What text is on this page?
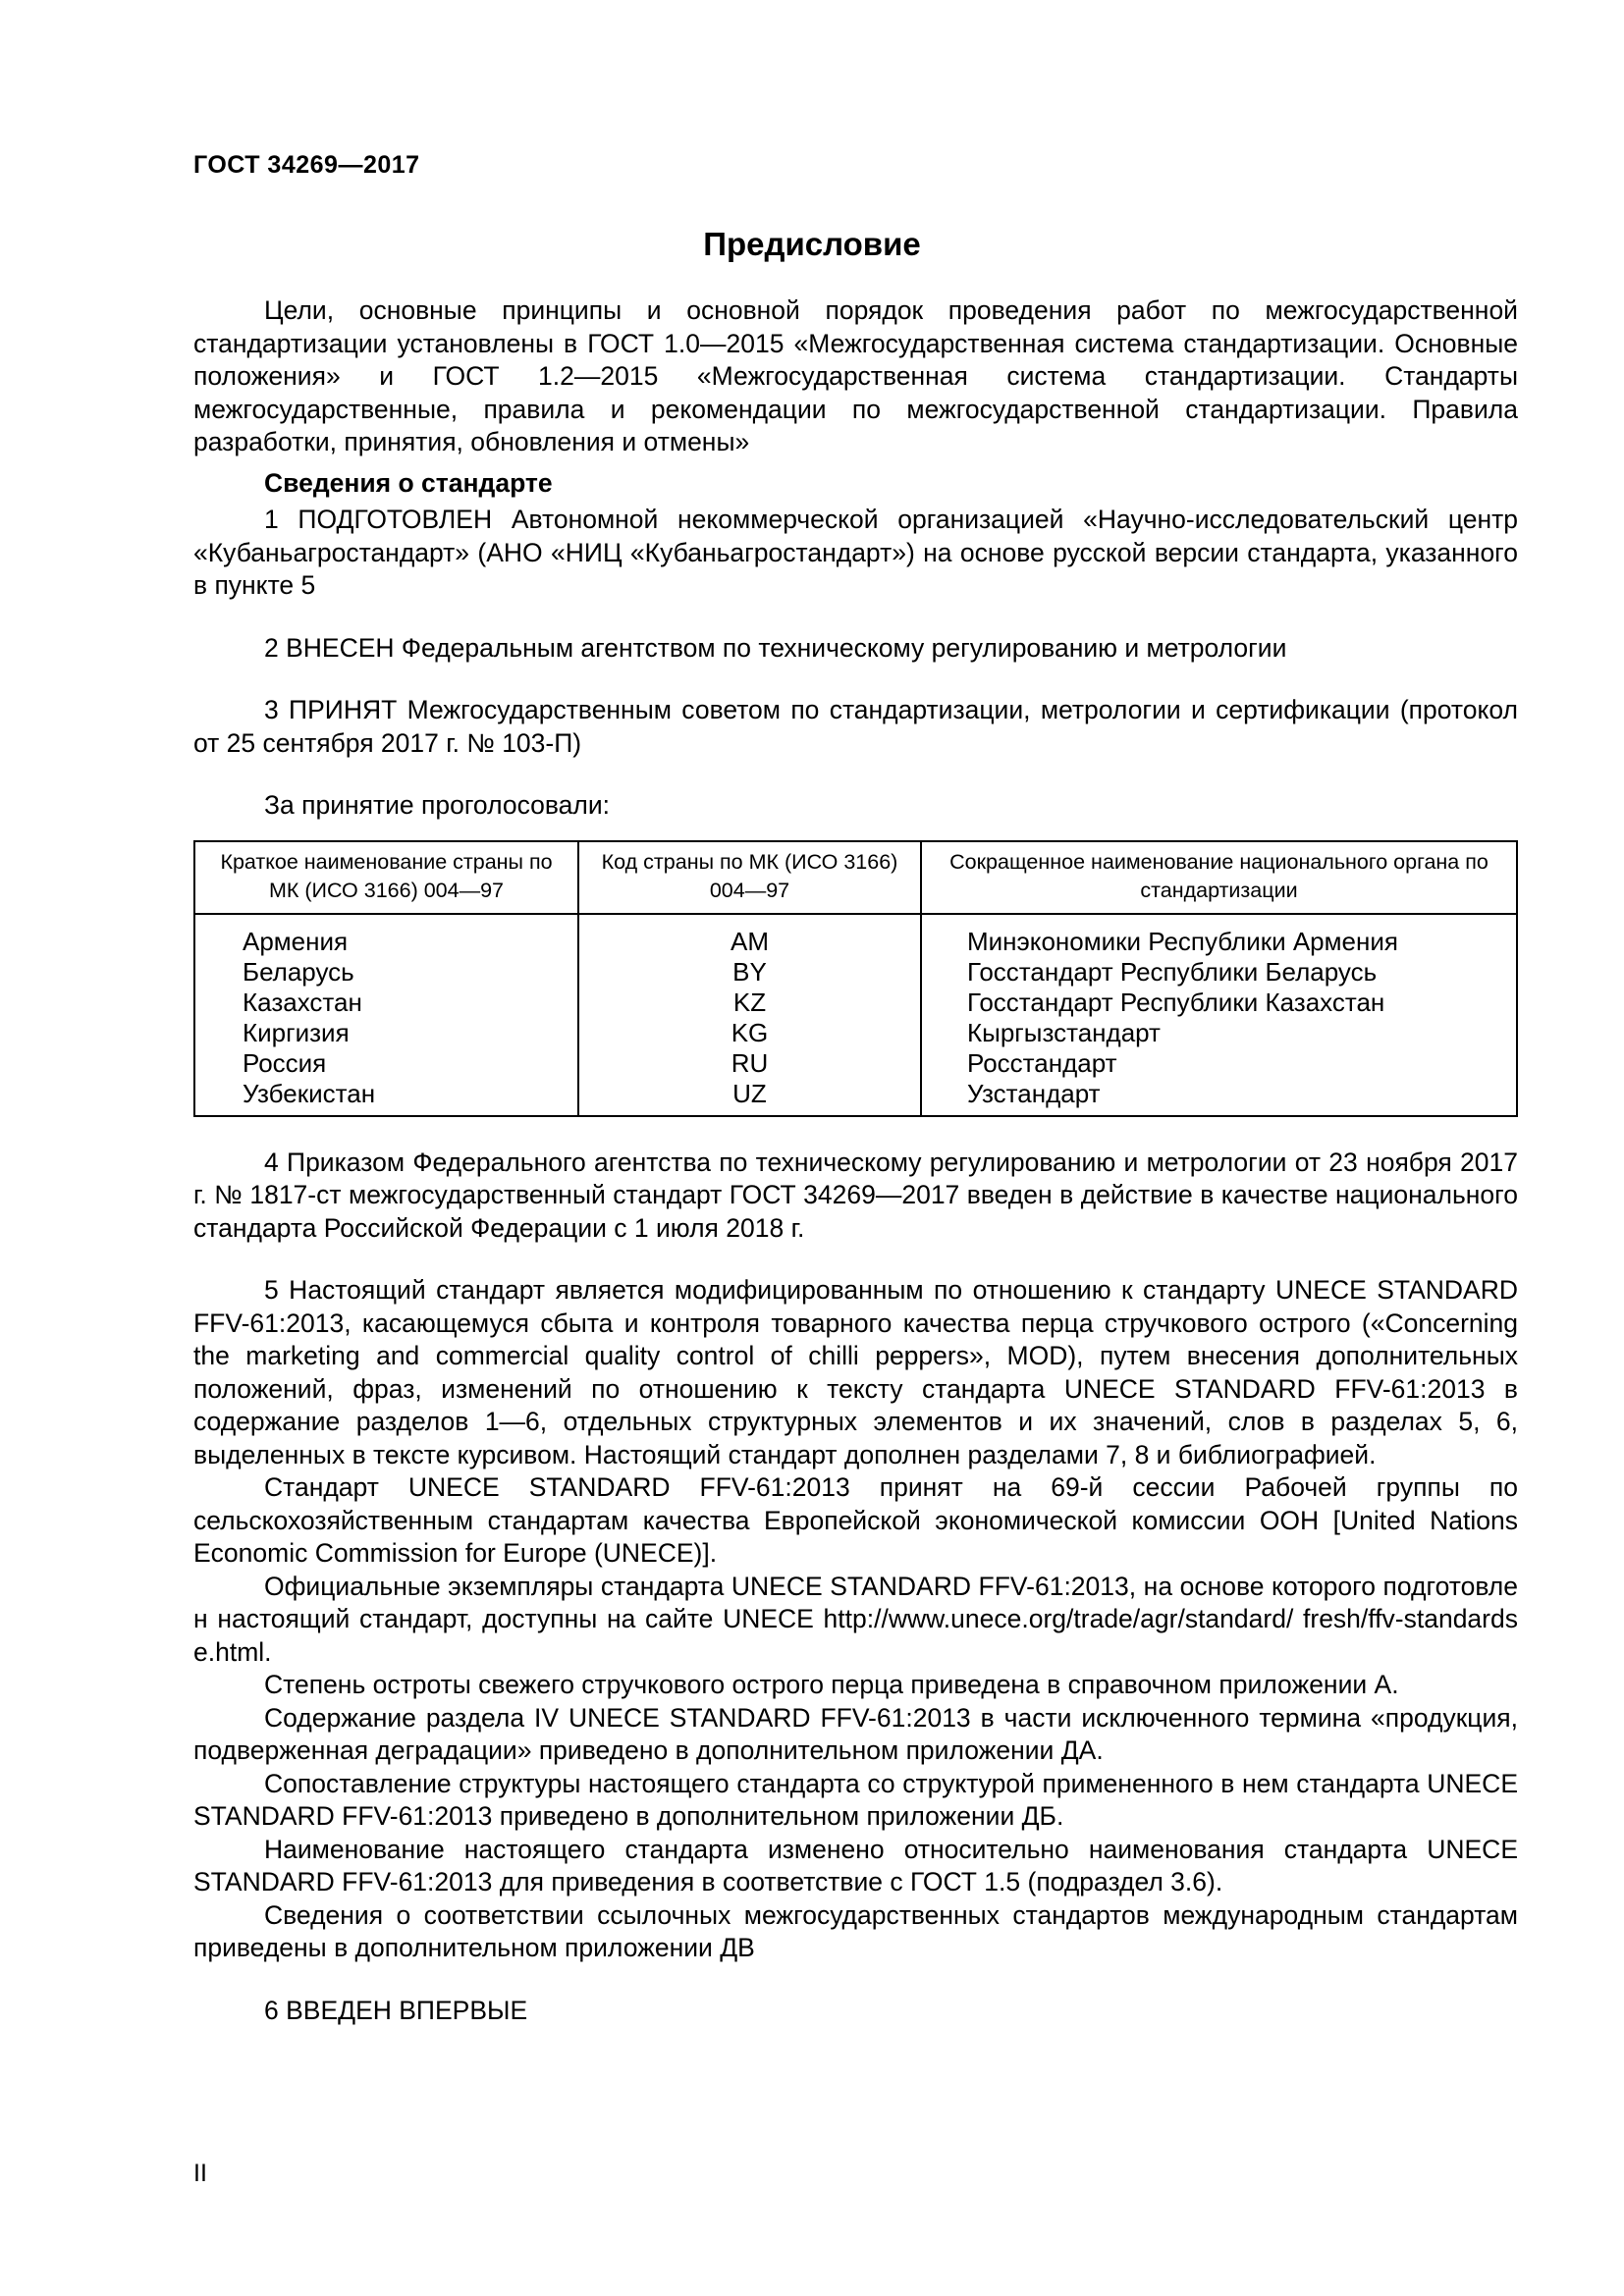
ГОСТ 34269—2017
Предисловие

Цели, основные принципы и основной порядок проведения работ по межгосударственной стандартизации установлены в ГОСТ 1.0—2015 «Межгосударственная система стандартизации. Основные положения» и ГОСТ 1.2—2015 «Межгосударственная система стандартизации. Стандарты межгосударственные, правила и рекомендации по межгосударственной стандартизации. Правила разработки, принятия, обновления и отмены»

Сведения о стандарте

1 ПОДГОТОВЛЕН Автономной некоммерческой организацией «Научно-исследовательский центр «Кубаньагростандарт» (АНО «НИЦ «Кубаньагростандарт») на основе русской версии стандарта, указанного в пункте 5

2 ВНЕСЕН Федеральным агентством по техническому регулированию и метрологии

3 ПРИНЯТ Межгосударственным советом по стандартизации, метрологии и сертификации (протокол от 25 сентября 2017 г. № 103-П)

За принятие проголосовали:

Краткое наименование страны по МК (ИСО 3166) 004—97	Код страны по МК (ИСО 3166) 004—97	Сокращенное наименование национального органа по стандартизации
Армения	AM	Минэкономики Республики Армения
Беларусь	BY	Госстандарт Республики Беларусь
Казахстан	KZ	Госстандарт Республики Казахстан
Киргизия	KG	Кыргызстандарт
Россия	RU	Росстандарт
Узбекистан	UZ	Узстандарт

4 Приказом Федерального агентства по техническому регулированию и метрологии от 23 ноября 2017 г. № 1817-ст межгосударственный стандарт ГОСТ 34269—2017 введен в действие в качестве национального стандарта Российской Федерации с 1 июля 2018 г.

5 Настоящий стандарт является модифицированным по отношению к стандарту UNECE STANDARD FFV-61:2013, касающемуся сбыта и контроля товарного качества перца стручкового острого («Concerning the marketing and commercial quality control of chilli peppers», MOD), путем внесения дополнительных положений, фраз, изменений по отношению к тексту стандарта UNECE STANDARD FFV-61:2013 в содержание разделов 1—6, отдельных структурных элементов и их значений, слов в разделах 5, 6, выделенных в тексте курсивом. Настоящий стандарт дополнен разделами 7, 8 и библиографией.

Стандарт UNECE STANDARD FFV-61:2013 принят на 69-й сессии Рабочей группы по сельскохозяйственным стандартам качества Европейской экономической комиссии ООН [United Nations Economic Commission for Europe (UNECE)].

Официальные экземпляры стандарта UNECE STANDARD FFV-61:2013, на основе которого подготовлен настоящий стандарт, доступны на сайте UNECE http://www.unece.org/trade/agr/standard/ fresh/ffv-standardse.html.

Степень остроты свежего стручкового острого перца приведена в справочном приложении А.

Содержание раздела IV UNECE STANDARD FFV-61:2013 в части исключенного термина «продукция, подверженная деградации» приведено в дополнительном приложении ДА.

Сопоставление структуры настоящего стандарта со структурой примененного в нем стандарта UNECE STANDARD FFV-61:2013 приведено в дополнительном приложении ДБ.

Наименование настоящего стандарта изменено относительно наименования стандарта UNECE STANDARD FFV-61:2013 для приведения в соответствие с ГОСТ 1.5 (подраздел 3.6).

Сведения о соответствии ссылочных межгосударственных стандартов международным стандартам приведены в дополнительном приложении ДВ

6 ВВЕДЕН ВПЕРВЫЕ

II
